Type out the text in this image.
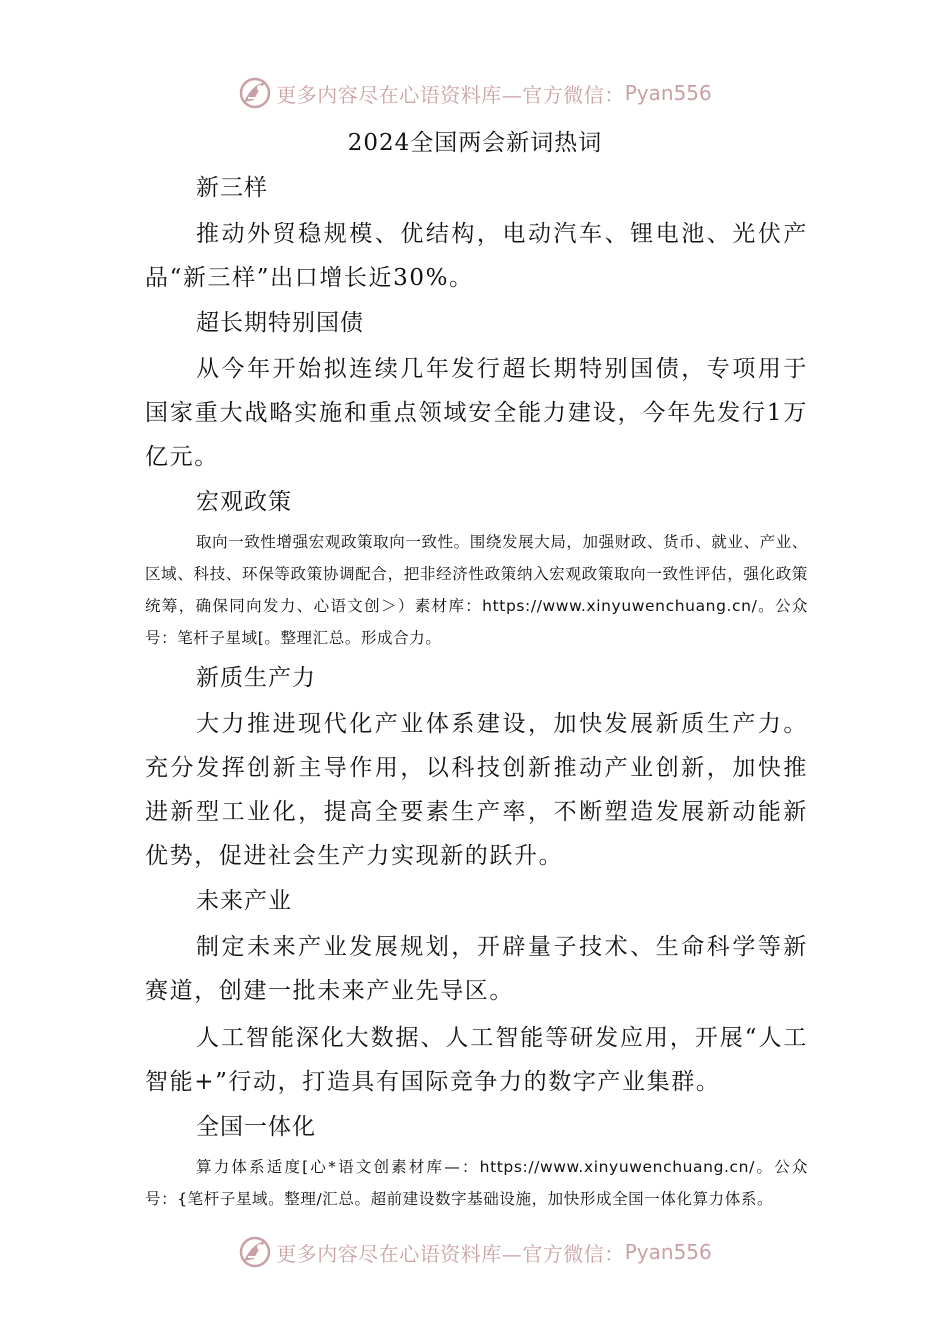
更多内容尽在心语资料库—官方微信： Pyan556
2024全国两会新词热词
新三样

推动外贸稳规模、优结构，电动汽车、锂电池、光伏产品“新三样”出口增长近30%。

超长期特别国债

从今年开始拟连续几年发行超长期特别国债，专项用于国家重大战略实施和重点领域安全能力建设，今年先发行1万亿元。

宏观政策

取向一致性增强宏观政策取向一致性。围绕发展大局，加强财政、货币、就业、产业、区域、科技、环保等政策协调配合，把非经济性政策纳入宏观政策取向一致性评估，强化政策统筹，确保同向发力、心语文创＞）素材库：https://www.xinyuwenchuang.cn/。公众号：笔杆子星域[。整理汇总。形成合力。

新质生产力

大力推进现代化产业体系建设，加快发展新质生产力。充分发挥创新主导作用，以科技创新推动产业创新，加快推进新型工业化，提高全要素生产率，不断塑造发展新动能新优势，促进社会生产力实现新的跃升。

未来产业

制定未来产业发展规划，开辟量子技术、生命科学等新赛道，创建一批未来产业先导区。

人工智能深化大数据、人工智能等研发应用，开展“人工智能+”行动，打造具有国际竞争力的数字产业集群。

全国一体化

算力体系适度[心*语文创素材库—：https://www.xinyuwenchuang.cn/。公众号：{笔杆子星域。整理/汇总。超前建设数字基础设施，加快形成全国一体化算力体系。

更多内容尽在心语资料库—官方微信： Pyan556
